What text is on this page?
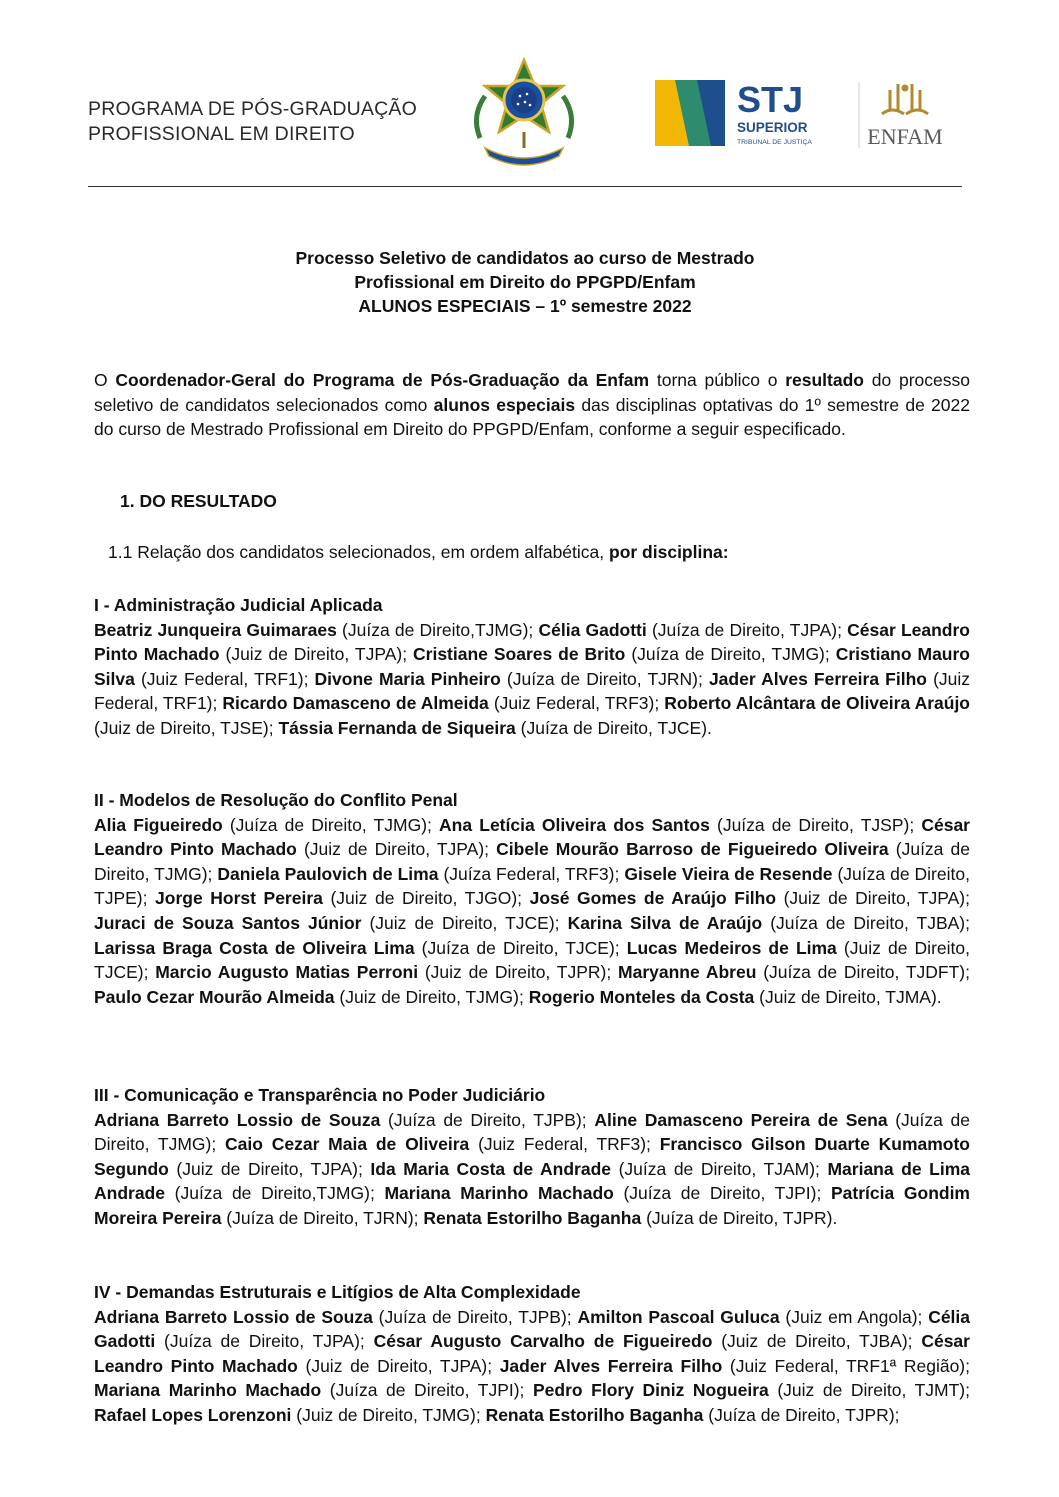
PROGRAMA DE PÓS-GRADUAÇÃO
PROFISSIONAL EM DIREITO
STJ
SUPERIOR
TRIBUNAL DE JUSTIÇA	ENFAM
Processo Seletivo de candidatos ao curso de Mestrado
Profissional em Direito do PPGPD/Enfam
ALUNOS ESPECIAIS – 1º semestre 2022
O Coordenador-Geral do Programa de Pós-Graduação da Enfam torna público o resultado do processo seletivo de candidatos selecionados como alunos especiais das disciplinas optativas do 1º semestre de 2022 do curso de Mestrado Profissional em Direito do PPGPD/Enfam, conforme a seguir especificado.
1. DO RESULTADO
1.1 Relação dos candidatos selecionados, em ordem alfabética, por disciplina:
I - Administração Judicial Aplicada
Beatriz Junqueira Guimaraes (Juíza de Direito,TJMG); Célia Gadotti (Juíza de Direito, TJPA); César Leandro Pinto Machado (Juiz de Direito, TJPA); Cristiane Soares de Brito (Juíza de Direito, TJMG); Cristiano Mauro Silva (Juiz Federal, TRF1); Divone Maria Pinheiro (Juíza de Direito, TJRN); Jader Alves Ferreira Filho (Juiz Federal, TRF1); Ricardo Damasceno de Almeida (Juiz Federal, TRF3); Roberto Alcântara de Oliveira Araújo (Juiz de Direito, TJSE); Tássia Fernanda de Siqueira (Juíza de Direito, TJCE).
II - Modelos de Resolução do Conflito Penal
Alia Figueiredo (Juíza de Direito, TJMG); Ana Letícia Oliveira dos Santos (Juíza de Direito, TJSP); César Leandro Pinto Machado (Juiz de Direito, TJPA); Cibele Mourão Barroso de Figueiredo Oliveira (Juíza de Direito, TJMG); Daniela Paulovich de Lima (Juíza Federal, TRF3); Gisele Vieira de Resende (Juíza de Direito, TJPE); Jorge Horst Pereira (Juiz de Direito, TJGO); José Gomes de Araújo Filho (Juiz de Direito, TJPA); Juraci de Souza Santos Júnior (Juiz de Direito, TJCE); Karina Silva de Araújo (Juíza de Direito, TJBA); Larissa Braga Costa de Oliveira Lima (Juíza de Direito, TJCE); Lucas Medeiros de Lima (Juiz de Direito, TJCE); Marcio Augusto Matias Perroni (Juiz de Direito, TJPR); Maryanne Abreu (Juíza de Direito, TJDFT); Paulo Cezar Mourão Almeida (Juiz de Direito, TJMG); Rogerio Monteles da Costa (Juiz de Direito, TJMA).
III - Comunicação e Transparência no Poder Judiciário
Adriana Barreto Lossio de Souza (Juíza de Direito, TJPB); Aline Damasceno Pereira de Sena (Juíza de Direito, TJMG); Caio Cezar Maia de Oliveira (Juiz Federal, TRF3); Francisco Gilson Duarte Kumamoto Segundo (Juiz de Direito, TJPA); Ida Maria Costa de Andrade (Juíza de Direito, TJAM); Mariana de Lima Andrade (Juíza de Direito,TJMG); Mariana Marinho Machado (Juíza de Direito, TJPI); Patrícia Gondim Moreira Pereira (Juíza de Direito, TJRN); Renata Estorilho Baganha (Juíza de Direito, TJPR).
IV - Demandas Estruturais e Litígios de Alta Complexidade
Adriana Barreto Lossio de Souza (Juíza de Direito, TJPB); Amilton Pascoal Guluca (Juiz em Angola); Célia Gadotti (Juíza de Direito, TJPA); César Augusto Carvalho de Figueiredo (Juiz de Direito, TJBA); César Leandro Pinto Machado (Juiz de Direito, TJPA); Jader Alves Ferreira Filho (Juiz Federal, TRF1ª Região); Mariana Marinho Machado (Juíza de Direito, TJPI); Pedro Flory Diniz Nogueira (Juiz de Direito, TJMT); Rafael Lopes Lorenzoni (Juiz de Direito, TJMG); Renata Estorilho Baganha (Juíza de Direito, TJPR);
